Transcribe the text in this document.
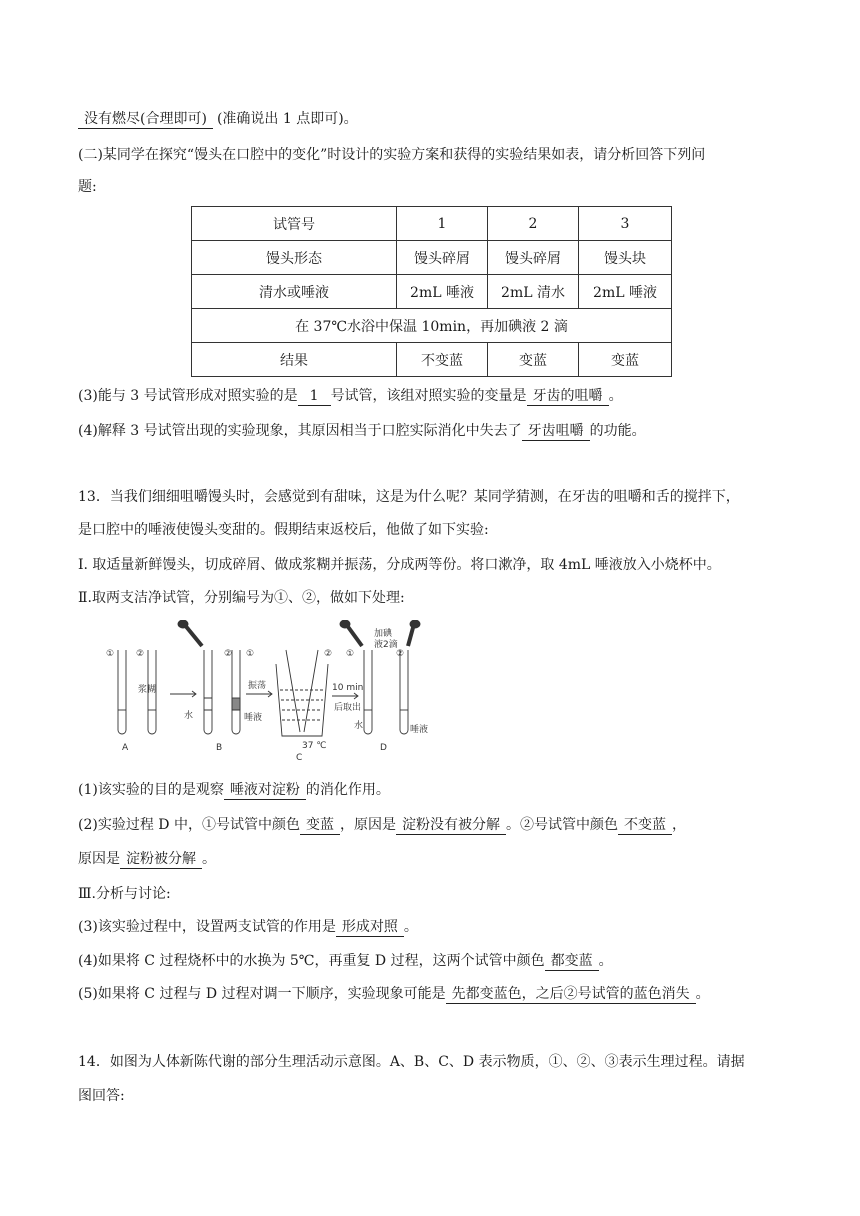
没有燃尽(合理即可) (准确说出 1 点即可)。
(二)某同学在探究“馒头在口腔中的变化”时设计的实验方案和获得的实验结果如表，请分析回答下列问
题:
试管号	1	2	3
馒头形态	馒头碎屑	馒头碎屑	馒头块
清水或唾液	2mL 唾液	2mL 清水	2mL 唾液
在 37℃水浴中保温 10min，再加碘液 2 滴			
结果	不变蓝	变蓝	变蓝
(3)能与 3 号试管形成对照实验的是 1 号试管，该组对照实验的变量是 牙齿的咀嚼 。
(4)解释 3 号试管出现的实验现象，其原因相当于口腔实际消化中失去了 牙齿咀嚼 的功能。
13．当我们细细咀嚼馒头时，会感觉到有甜味，这是为什么呢？某同学猜测，在牙齿的咀嚼和舌的搅拌下，
是口腔中的唾液使馒头变甜的。假期结束返校后，他做了如下实验:
Ⅰ. 取适量新鲜馒头，切成碎屑、做成浆糊并振荡，分成两等份。将口漱净，取 4mL 唾液放入小烧杯中。
Ⅱ.取两支洁净试管，分别编号为①、②，做如下处理:
① ②
浆糊
A
水
② ①
唾液
振荡
B	37 ℃
C
10 min
后取出
② ①
水
加碘
液2滴
②
唾液
D
(1)该实验的目的是观察 唾液对淀粉 的消化作用。
(2)实验过程 D 中，①号试管中颜色 变蓝 ，原因是 淀粉没有被分解 。②号试管中颜色 不变蓝 ，
原因是 淀粉被分解 。
Ⅲ.分析与讨论:
(3)该实验过程中，设置两支试管的作用是 形成对照 。
(4)如果将 C 过程烧杯中的水换为 5℃，再重复 D 过程，这两个试管中颜色 都变蓝 。
(5)如果将 C 过程与 D 过程对调一下顺序，实验现象可能是 先都变蓝色，之后②号试管的蓝色消失 。
14．如图为人体新陈代谢的部分生理活动示意图。A、B、C、D 表示物质，①、②、③表示生理过程。请据
图回答:
